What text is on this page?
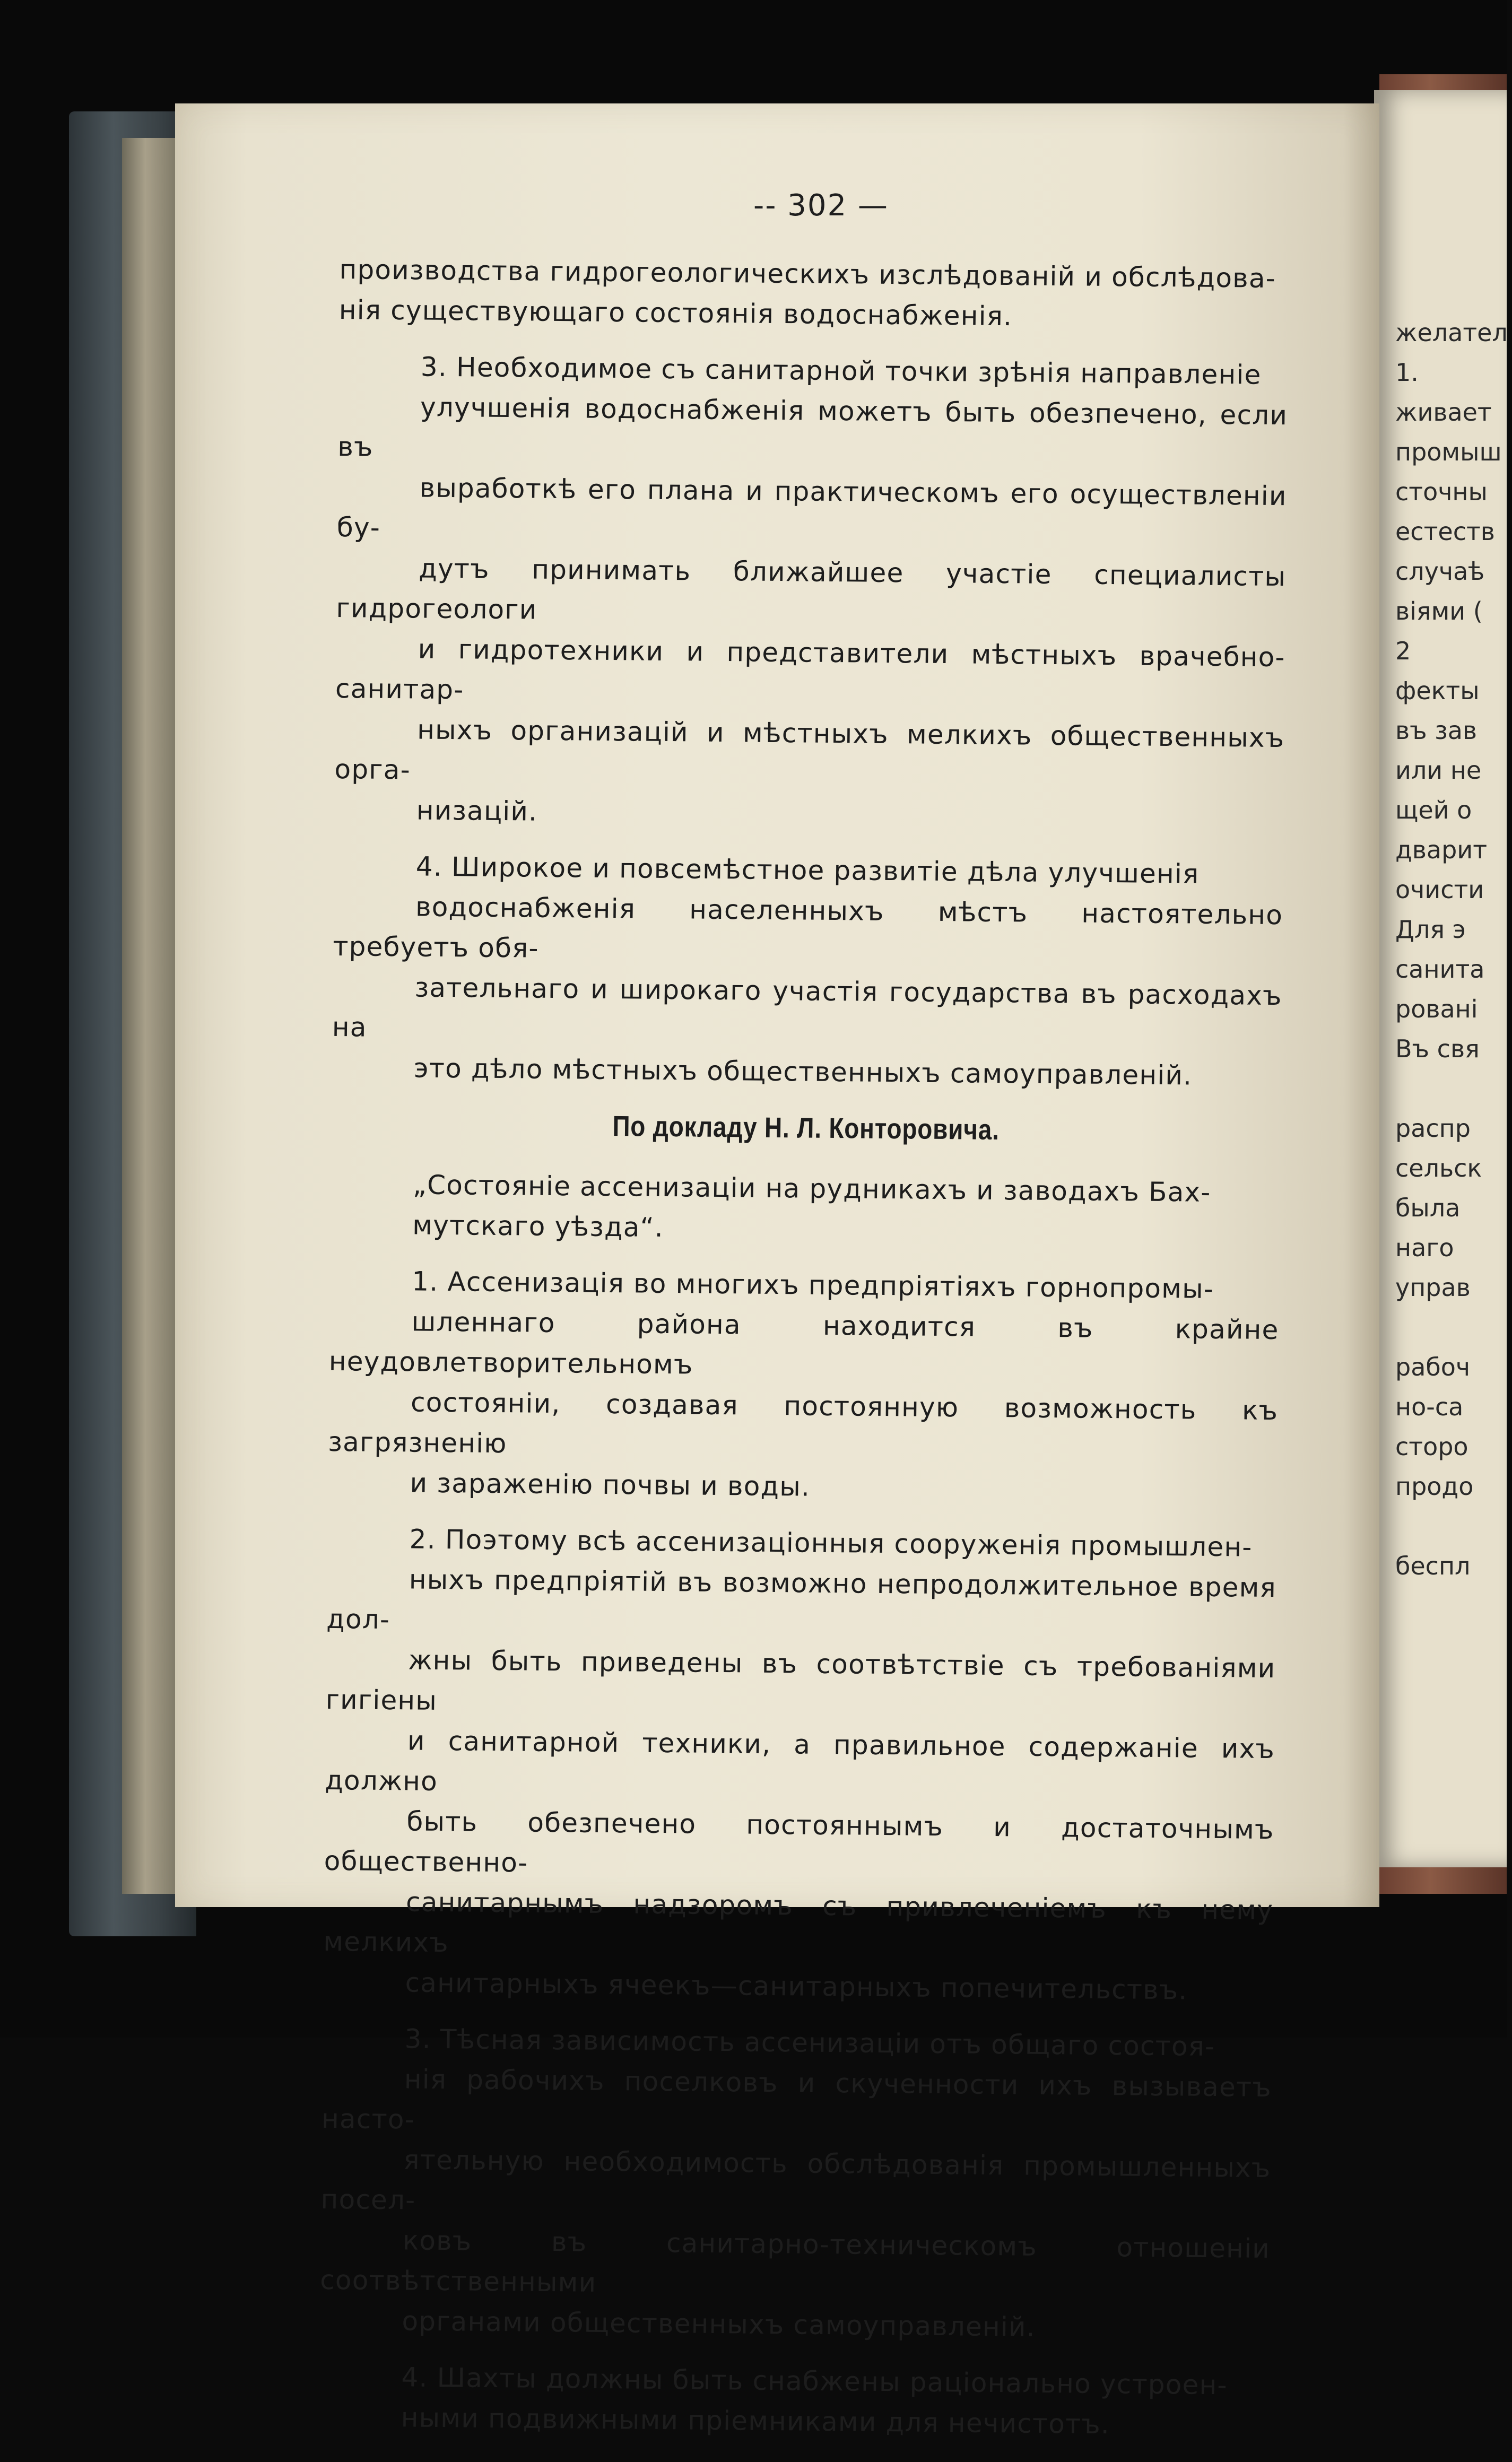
желател
1.
живает
промыш
сточны
естеств
случаѣ
віями (
2
фекты
въ зав
или не
щей о
дварит
очисти
Для э
санита
ровані
Въ свя

распр
сельск
была
наго
управ

рабоч
но-са
сторо
продо

беспл
-- 302 —

производства гидрогеологическихъ изслѣдованій и обслѣдова-
нія существующаго состоянія водоснабженія.

3. Необходимое съ санитарной точки зрѣнія направленіе
улучшенія водоснабженія можетъ быть обезпечено, если въ
выработкѣ его плана и практическомъ его осуществленіи бу-
дутъ принимать ближайшее участіе специалисты гидрогеологи
и гидротехники и представители мѣстныхъ врачебно-санитар-
ныхъ организацій и мѣстныхъ мелкихъ общественныхъ орга-
низацій.

4. Широкое и повсемѣстное развитіе дѣла улучшенія
водоснабженія населенныхъ мѣстъ настоятельно требуетъ обя-
зательнаго и широкаго участія государства въ расходахъ на
это дѣло мѣстныхъ общественныхъ самоуправленій.

По докладу Н. Л. Конторовича.

„Состояніе ассенизаціи на рудникахъ и заводахъ Бах-
мутскаго уѣзда“.

1. Ассенизація во многихъ предпріятіяхъ горнопромы-
шленнаго района находится въ крайне неудовлетворительномъ
состояніи, создавая постоянную возможность къ загрязненію
и зараженію почвы и воды.

2. Поэтому всѣ ассенизаціонныя сооруженія промышлен-
ныхъ предпріятій въ возможно непродолжительное время дол-
жны быть приведены въ соотвѣтствіе съ требованіями гигіены
и санитарной техники, а правильное содержаніе ихъ должно
быть обезпечено постояннымъ и достаточнымъ общественно-
санитарнымъ надзоромъ съ привлеченіемъ къ нему мелкихъ
санитарныхъ ячеекъ—санитарныхъ попечительствъ.

3. Тѣсная зависимость ассенизаціи отъ общаго состоя-
нія рабочихъ поселковъ и скученности ихъ вызываетъ насто-
ятельную необходимость обслѣдованія промышленныхъ посел-
ковъ въ санитарно-техническомъ отношеніи соотвѣтственными
органами общественныхъ самоуправленій.

4. Шахты должны быть снабжены раціонально устроен-
ными подвижными пріемниками для нечистотъ.
